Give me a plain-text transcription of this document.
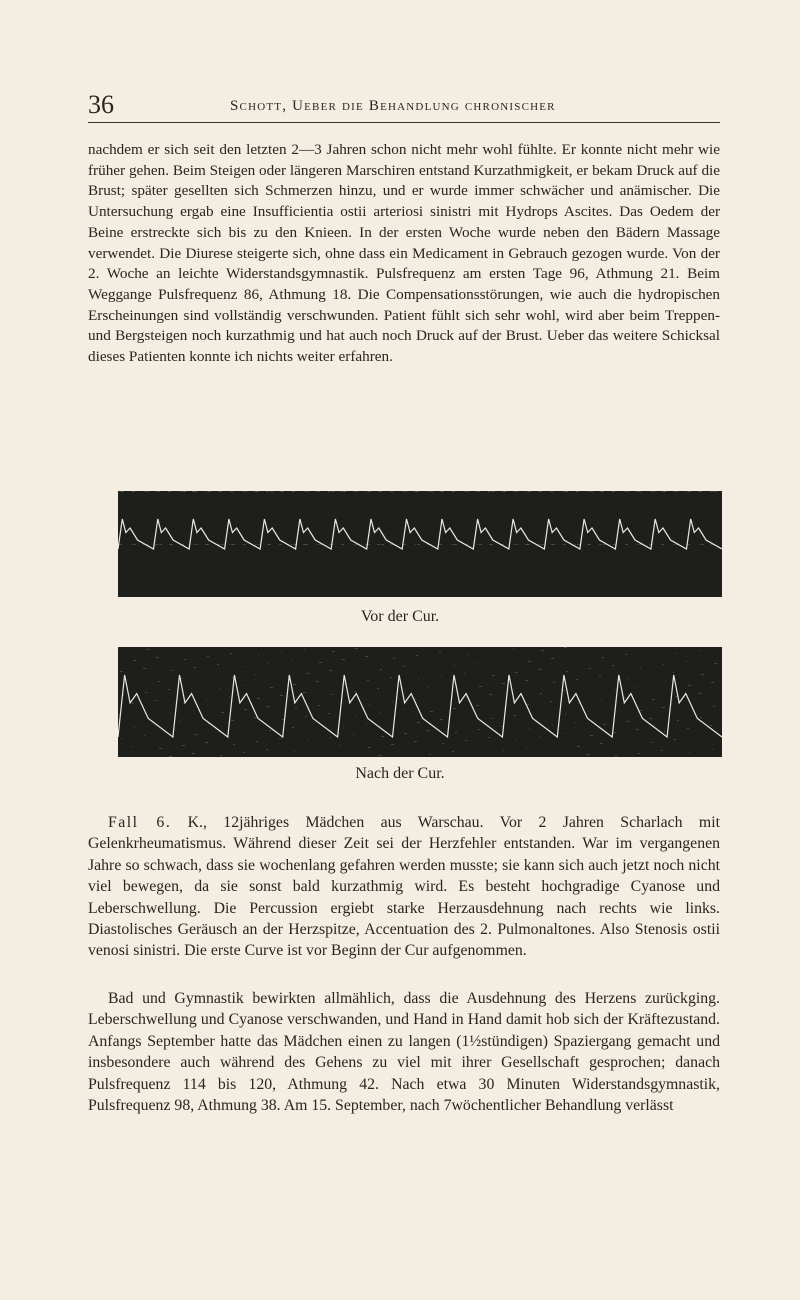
36	Schott, Ueber die Behandlung chronischer

nachdem er sich seit den letzten 2—3 Jahren schon nicht mehr wohl fühlte. Er konnte nicht mehr wie früher gehen. Beim Steigen oder längeren Marschiren entstand Kurzathmigkeit, er bekam Druck auf die Brust; später gesellten sich Schmerzen hinzu, und er wurde immer schwächer und anämischer. Die Untersuchung ergab eine Insufficientia ostii arteriosi sinistri mit Hydrops Ascites. Das Oedem der Beine erstreckte sich bis zu den Knieen. In der ersten Woche wurde neben den Bädern Massage verwendet. Die Diurese steigerte sich, ohne dass ein Medicament in Gebrauch gezogen wurde. Von der 2. Woche an leichte Widerstandsgymnastik. Pulsfrequenz am ersten Tage 96, Athmung 21. Beim Weggange Pulsfrequenz 86, Athmung 18. Die Compensationsstörungen, wie auch die hydropischen Erscheinungen sind vollständig verschwunden. Patient fühlt sich sehr wohl, wird aber beim Treppen- und Bergsteigen noch kurzathmig und hat auch noch Druck auf der Brust. Ueber das weitere Schicksal dieses Patienten konnte ich nichts weiter erfahren.

Vor der Cur.
Nach der Cur.

Fall 6. K., 12jähriges Mädchen aus Warschau. Vor 2 Jahren Scharlach mit Gelenkrheumatismus. Während dieser Zeit sei der Herzfehler entstanden. War im vergangenen Jahre so schwach, dass sie wochenlang gefahren werden musste; sie kann sich auch jetzt noch nicht viel bewegen, da sie sonst bald kurzathmig wird. Es besteht hochgradige Cyanose und Leberschwellung. Die Percussion ergiebt starke Herzausdehnung nach rechts wie links. Diastolisches Geräusch an der Herzspitze, Accentuation des 2. Pulmonaltones. Also Stenosis ostii venosi sinistri. Die erste Curve ist vor Beginn der Cur aufgenommen.

Bad und Gymnastik bewirkten allmählich, dass die Ausdehnung des Herzens zurückging. Leberschwellung und Cyanose verschwanden, und Hand in Hand damit hob sich der Kräftezustand. Anfangs September hatte das Mädchen einen zu langen (1½stündigen) Spaziergang gemacht und insbesondere auch während des Gehens zu viel mit ihrer Gesellschaft gesprochen; danach Pulsfrequenz 114 bis 120, Athmung 42. Nach etwa 30 Minuten Widerstandsgymnastik, Pulsfrequenz 98, Athmung 38. Am 15. September, nach 7wöchentlicher Behandlung verlässt
